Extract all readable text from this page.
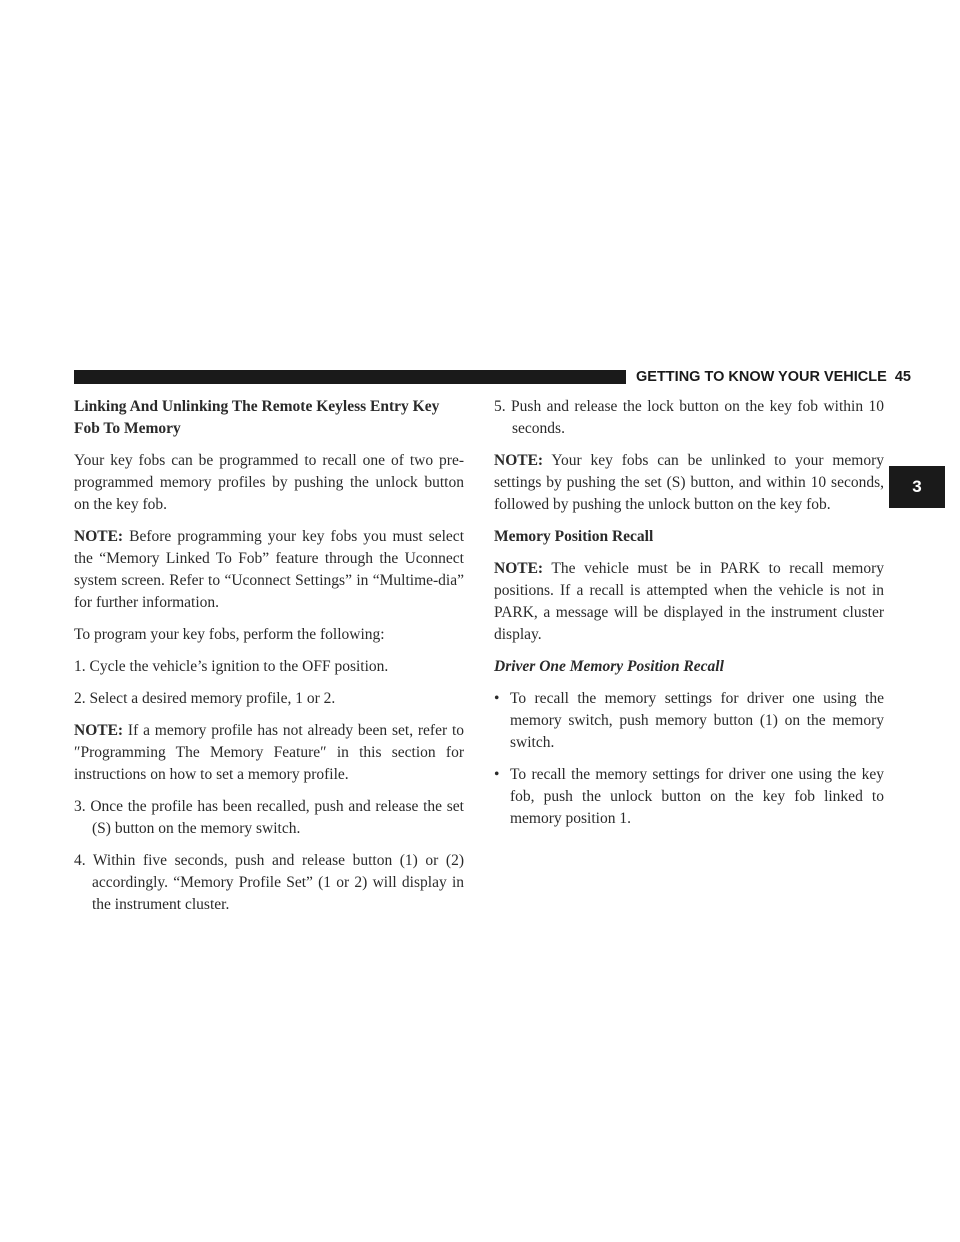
GETTING TO KNOW YOUR VEHICLE 45
3
Linking And Unlinking The Remote Keyless Entry Key Fob To Memory

Your key fobs can be programmed to recall one of two pre-programmed memory profiles by pushing the unlock button on the key fob.

NOTE: Before programming your key fobs you must select the “Memory Linked To Fob” feature through the Uconnect system screen. Refer to “Uconnect Settings” in “Multime-dia” for further information.

To program your key fobs, perform the following:

1. Cycle the vehicle’s ignition to the OFF position.

2. Select a desired memory profile, 1 or 2.

NOTE: If a memory profile has not already been set, refer to ″Programming The Memory Feature″ in this section for instructions on how to set a memory profile.

3. Once the profile has been recalled, push and release the set (S) button on the memory switch.

4. Within five seconds, push and release button (1) or (2) accordingly. “Memory Profile Set” (1 or 2) will display in the instrument cluster.

5. Push and release the lock button on the key fob within 10 seconds.

NOTE: Your key fobs can be unlinked to your memory settings by pushing the set (S) button, and within 10 seconds, followed by pushing the unlock button on the key fob.

Memory Position Recall

NOTE: The vehicle must be in PARK to recall memory positions. If a recall is attempted when the vehicle is not in PARK, a message will be displayed in the instrument cluster display.

Driver One Memory Position Recall

• To recall the memory settings for driver one using the memory switch, push memory button (1) on the memory switch.

• To recall the memory settings for driver one using the key fob, push the unlock button on the key fob linked to memory position 1.
